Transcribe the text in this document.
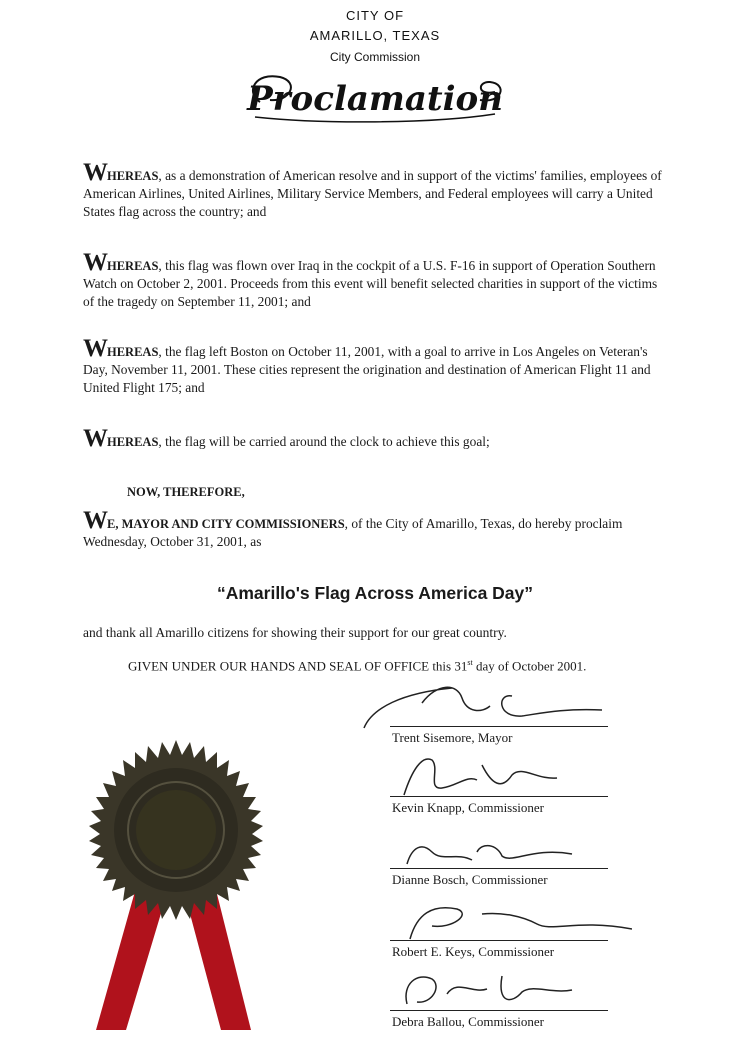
CITY OF
AMARILLO, TEXAS
City Commission
Proclamation
WHEREAS, as a demonstration of American resolve and in support of the victims' families, employees of American Airlines, United Airlines, Military Service Members, and Federal employees will carry a United States flag across the country; and
WHEREAS, this flag was flown over Iraq in the cockpit of a U.S. F-16 in support of Operation Southern Watch on October 2, 2001. Proceeds from this event will benefit selected charities in support of the victims of the tragedy on September 11, 2001; and
WHEREAS, the flag left Boston on October 11, 2001, with a goal to arrive in Los Angeles on Veteran's Day, November 11, 2001. These cities represent the origination and destination of American Flight 11 and United Flight 175; and
WHEREAS, the flag will be carried around the clock to achieve this goal;
NOW, THEREFORE,
WE, MAYOR AND CITY COMMISSIONERS, of the City of Amarillo, Texas, do hereby proclaim Wednesday, October 31, 2001, as
“Amarillo's Flag Across America Day”
and thank all Amarillo citizens for showing their support for our great country.
GIVEN UNDER OUR HANDS AND SEAL OF OFFICE this 31st day of October 2001.
Trent Sisemore, Mayor
Kevin Knapp, Commissioner
Dianne Bosch, Commissioner
Robert E. Keys, Commissioner
Debra Ballou, Commissioner
